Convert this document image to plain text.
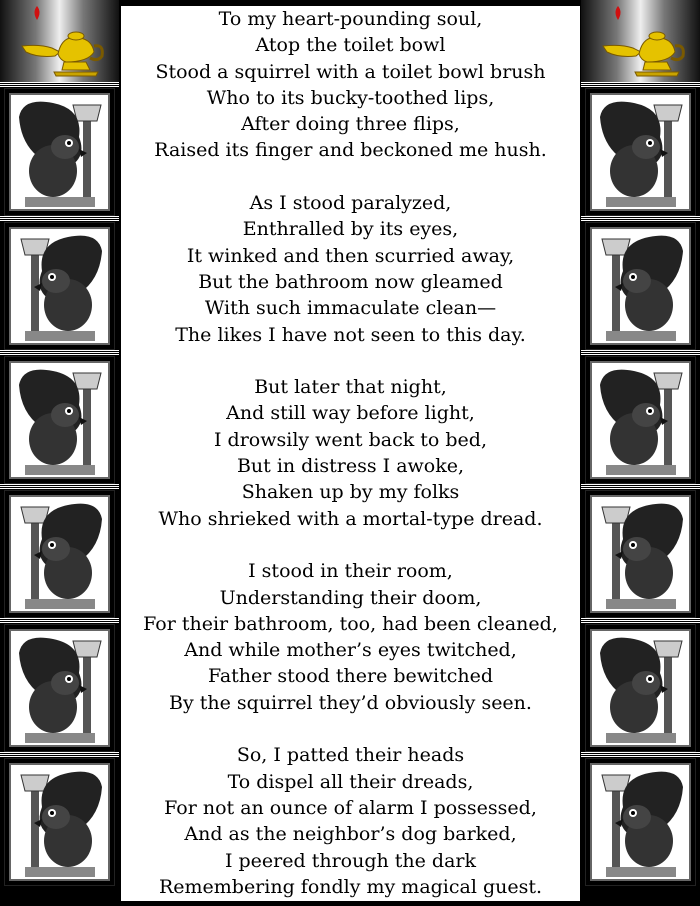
To my heart-pounding soul,
Atop the toilet bowl
Stood a squirrel with a toilet bowl brush
Who to its bucky-toothed lips,
After doing three flips,
Raised its finger and beckoned me hush.
As I stood paralyzed,
Enthralled by its eyes,
It winked and then scurried away,
But the bathroom now gleamed
With such immaculate clean—
The likes I have not seen to this day.
But later that night,
And still way before light,
I drowsily went back to bed,
But in distress I awoke,
Shaken up by my folks
Who shrieked with a mortal-type dread.
I stood in their room,
Understanding their doom,
For their bathroom, too, had been cleaned,
And while mother’s eyes twitched,
Father stood there bewitched
By the squirrel they’d obviously seen.
So, I patted their heads
To dispel all their dreads,
For not an ounce of alarm I possessed,
And as the neighbor’s dog barked,
I peered through the dark
Remembering fondly my magical guest.
